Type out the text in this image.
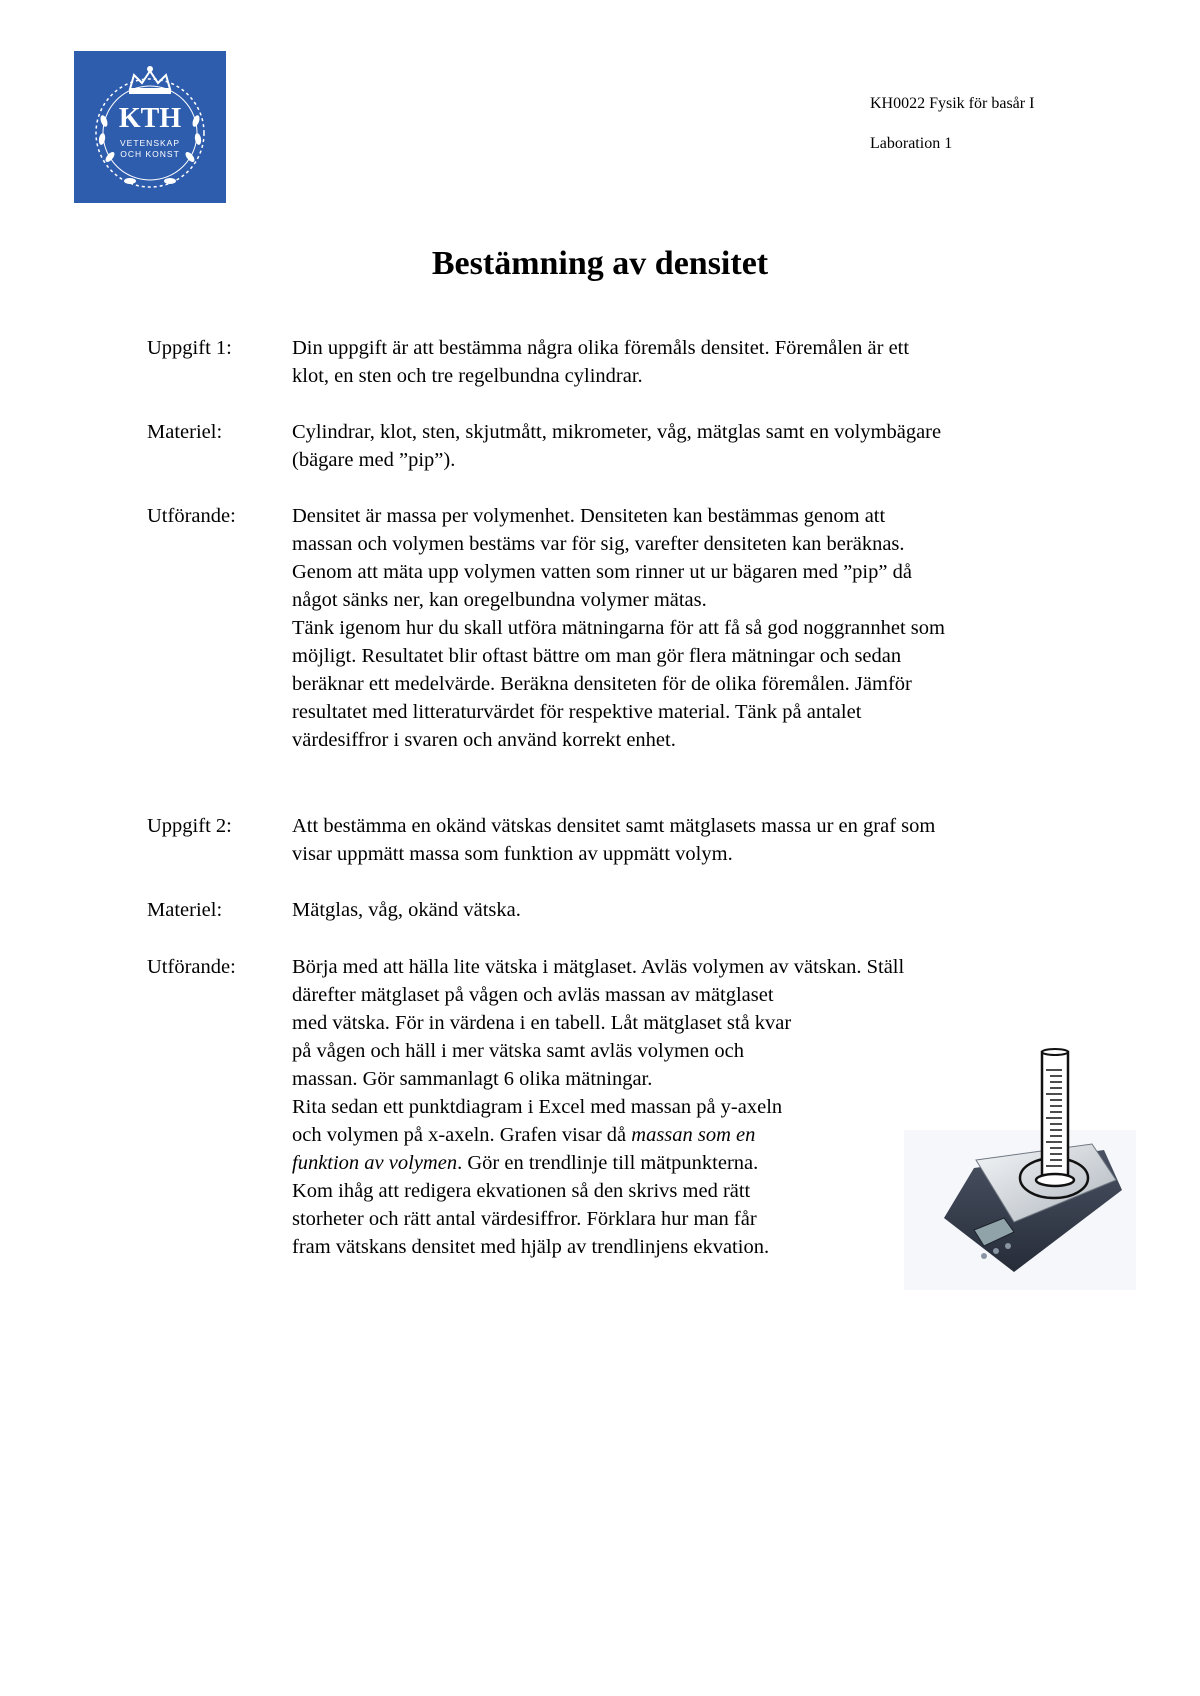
KTH
VETENSKAP
OCH KONST
KH0022 Fysik för basår I
Laboration 1
Bestämning av densitet
Uppgift 1:	Din uppgift är att bestämma några olika föremåls densitet. Föremålen är ett
klot, en sten och tre regelbundna cylindrar.
Materiel:	Cylindrar, klot, sten, skjutmått, mikrometer, våg, mätglas samt en volymbägare
(bägare med ”pip”).
Utförande:	Densitet är massa per volymenhet. Densiteten kan bestämmas genom att
massan och volymen bestäms var för sig, varefter densiteten kan beräknas.
Genom att mäta upp volymen vatten som rinner ut ur bägaren med ”pip” då
något sänks ner, kan oregelbundna volymer mätas.
Tänk igenom hur du skall utföra mätningarna för att få så god noggrannhet som
möjligt. Resultatet blir oftast bättre om man gör flera mätningar och sedan
beräknar ett medelvärde. Beräkna densiteten för de olika föremålen. Jämför
resultatet med litteraturvärdet för respektive material. Tänk på antalet
värdesiffror i svaren och använd korrekt enhet.
Uppgift 2:	Att bestämma en okänd vätskas densitet samt mätglasets massa ur en graf som
visar uppmätt massa som funktion av uppmätt volym.
Materiel:	Mätglas, våg, okänd vätska.
Utförande:	Börja med att hälla lite vätska i mätglaset. Avläs volymen av vätskan. Ställ
därefter mätglaset på vågen och avläs massan av mätglaset
med vätska. För in värdena i en tabell. Låt mätglaset stå kvar
på vågen och häll i mer vätska samt avläs volymen och
massan. Gör sammanlagt 6 olika mätningar.
Rita sedan ett punktdiagram i Excel med massan på y-axeln
och volymen på x-axeln. Grafen visar då massan som en
funktion av volymen. Gör en trendlinje till mätpunkterna.
Kom ihåg att redigera ekvationen så den skrivs med rätt
storheter och rätt antal värdesiffror. Förklara hur man får
fram vätskans densitet med hjälp av trendlinjens ekvation.
